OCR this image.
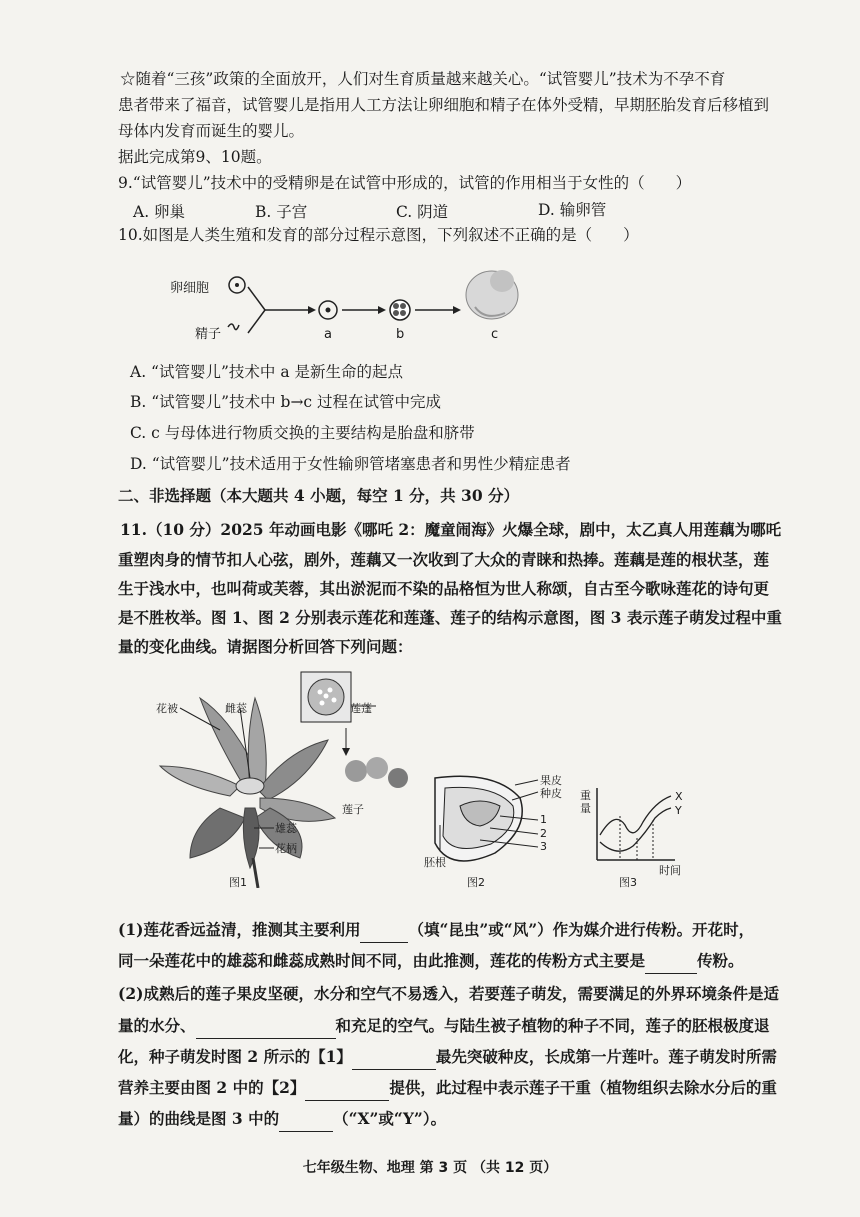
☆随着“三孩”政策的全面放开，人们对生育质量越来越关心。“试管婴儿”技术为不孕不育
患者带来了福音，试管婴儿是指用人工方法让卵细胞和精子在体外受精，早期胚胎发育后移植到
母体内发育而诞生的婴儿。
据此完成第9、10题。
9.“试管婴儿”技术中的受精卵是在试管中形成的，试管的作用相当于女性的（　　）
A. 卵巢	B. 子宫	C. 阴道	D. 输卵管
10.如图是人类生殖和发育的部分过程示意图，下列叙述不正确的是（　　）
卵细胞
精子	a	b	c
A. “试管婴儿”技术中 a 是新生命的起点
B. “试管婴儿”技术中 b→c 过程在试管中完成
C. c 与母体进行物质交换的主要结构是胎盘和脐带
D. “试管婴儿”技术适用于女性输卵管堵塞患者和男性少精症患者
二、非选择题（本大题共 4 小题，每空 1 分，共 30 分）
11.（10 分）2025 年动画电影《哪吒 2：魔童闹海》火爆全球，剧中，太乙真人用莲藕为哪吒
重塑肉身的情节扣人心弦，剧外，莲藕又一次收到了大众的青睐和热捧。莲藕是莲的根状茎，莲
生于浅水中，也叫荷或芙蓉，其出淤泥而不染的品格恒为世人称颂，自古至今歌咏莲花的诗句更
是不胜枚举。图 1、图 2 分别表示莲花和莲蓬、莲子的结构示意图，图 3 表示莲子萌发过程中重
量的变化曲线。请据图分析回答下列问题：
花被	雌蕊	莲蓬
莲子
雄蕊
花柄
图1
果皮
种皮
1
2
3
胚根
图2
重
量
X
Y
时间
图3
(1)莲花香远益清，推测其主要利用	（填“昆虫”或“风”）作为媒介进行传粉。开花时，
同一朵莲花中的雄蕊和雌蕊成熟时间不同，由此推测，莲花的传粉方式主要是	传粉。
(2)成熟后的莲子果皮坚硬，水分和空气不易透入，若要莲子萌发，需要满足的外界环境条件是适
量的水分、	和充足的空气。与陆生被子植物的种子不同，莲子的胚根极度退
化，种子萌发时图 2 所示的【1】	最先突破种皮，长成第一片莲叶。莲子萌发时所需
营养主要由图 2 中的【2】	提供，此过程中表示莲子干重（植物组织去除水分后的重
量）的曲线是图 3 中的	（“X”或“Y”）。
七年级生物、地理 第 3 页 （共 12 页）
